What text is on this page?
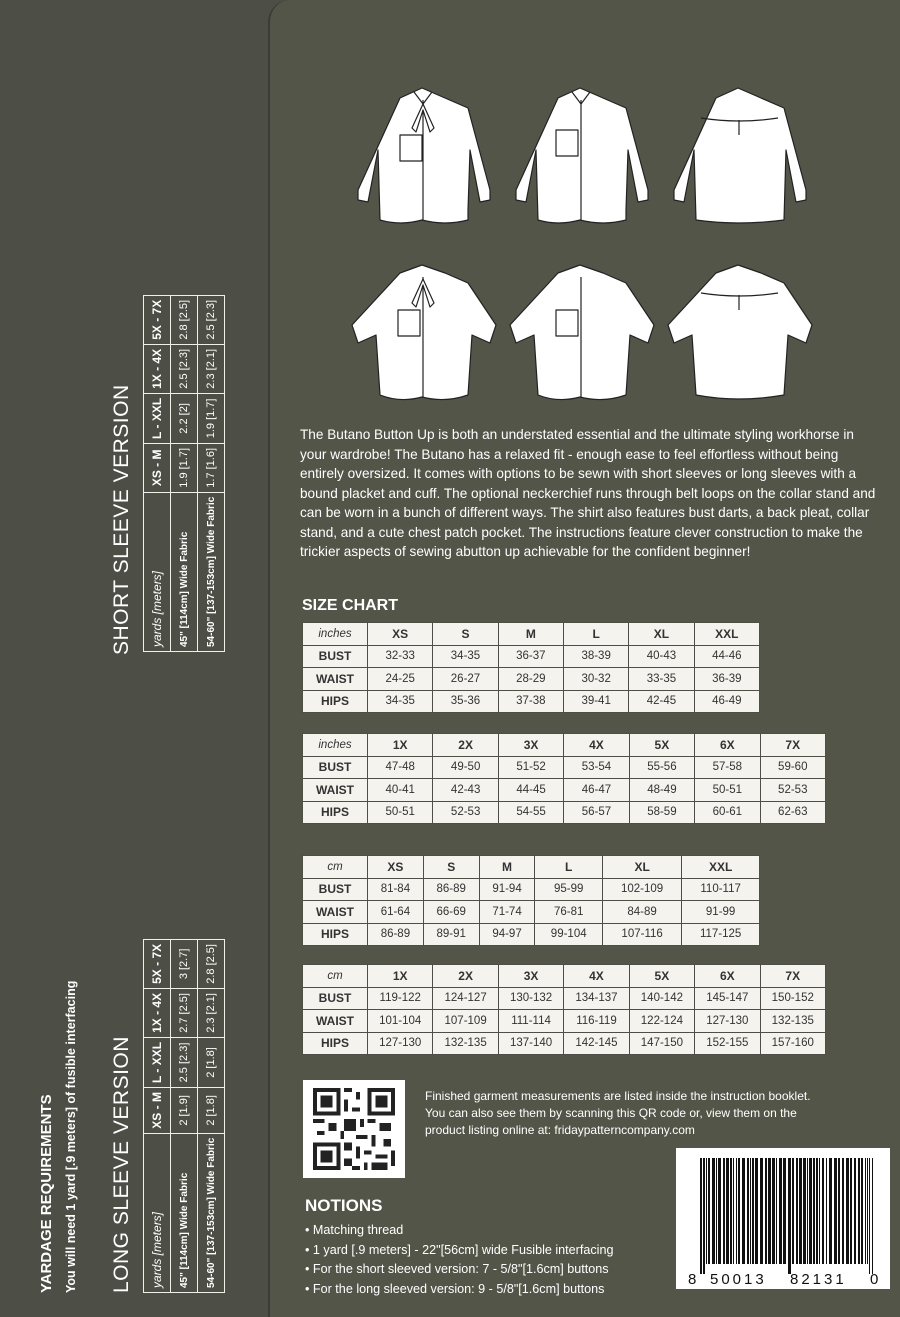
YARDAGE REQUIREMENTS You will need 1 yard [.9 meters] of fusible interfacing LONG SLEEVE VERSION yards [meters]	XS - M	L - XXL	1X - 4X	5X - 7X
45" [114cm] Wide Fabric	2 [1.9]	2.5 [2.3]	2.7 [2.5]	3 [2.7]
54-60" [137-153cm] Wide Fabric	2 [1.8]	2 [1.8]	2.3 [2.1]	2.8 [2.5]
SHORT SLEEVE VERSION yards [meters]	XS - M	L - XXL	1X - 4X	5X - 7X
45" [114cm] Wide Fabric	1.9 [1.7]	2.2 [2]	2.5 [2.3]	2.8 [2.5]
54-60" [137-153cm] Wide Fabric	1.7 [1.6]	1.9 [1.7]	2.3 [2.1]	2.5 [2.3]
The Butano Button Up is both an understated essential and the ultimate styling workhorse in your wardrobe! The Butano has a relaxed fit - enough ease to feel effortless without being entirely oversized. It comes with options to be sewn with short sleeves or long sleeves with a bound placket and cuff. The optional neckerchief runs through belt loops on the collar stand and can be worn in a bunch of different ways. The shirt also features bust darts, a back pleat, collar stand, and a cute chest patch pocket. The instructions feature clever construction to make the trickier aspects of sewing abutton up achievable for the confident beginner!
SIZE CHART
inches	XS	S	M	L	XL	XXL
BUST	32-33	34-35	36-37	38-39	40-43	44-46
WAIST	24-25	26-27	28-29	30-32	33-35	36-39
HIPS	34-35	35-36	37-38	39-41	42-45	46-49
inches	1X	2X	3X	4X	5X	6X	7X
BUST	47-48	49-50	51-52	53-54	55-56	57-58	59-60
WAIST	40-41	42-43	44-45	46-47	48-49	50-51	52-53
HIPS	50-51	52-53	54-55	56-57	58-59	60-61	62-63
cm	XS	S	M	L	XL	XXL
BUST	81-84	86-89	91-94	95-99	102-109	110-117
WAIST	61-64	66-69	71-74	76-81	84-89	91-99
HIPS	86-89	89-91	94-97	99-104	107-116	117-125
cm	1X	2X	3X	4X	5X	6X	7X
BUST	119-122	124-127	130-132	134-137	140-142	145-147	150-152
WAIST	101-104	107-109	111-114	116-119	122-124	127-130	132-135
HIPS	127-130	132-135	137-140	142-145	147-150	152-155	157-160
Finished garment measurements are listed inside the instruction booklet.
You can also see them by scanning this QR code or, view them on the
product listing online at: fridaypatterncompany.com
8 50013 82131 0
NOTIONS
• Matching thread
• 1 yard [.9 meters] - 22"[56cm] wide Fusible interfacing
• For the short sleeved version: 7 - 5/8"[1.6cm] buttons
• For the long sleeved version: 9 - 5/8"[1.6cm] buttons
